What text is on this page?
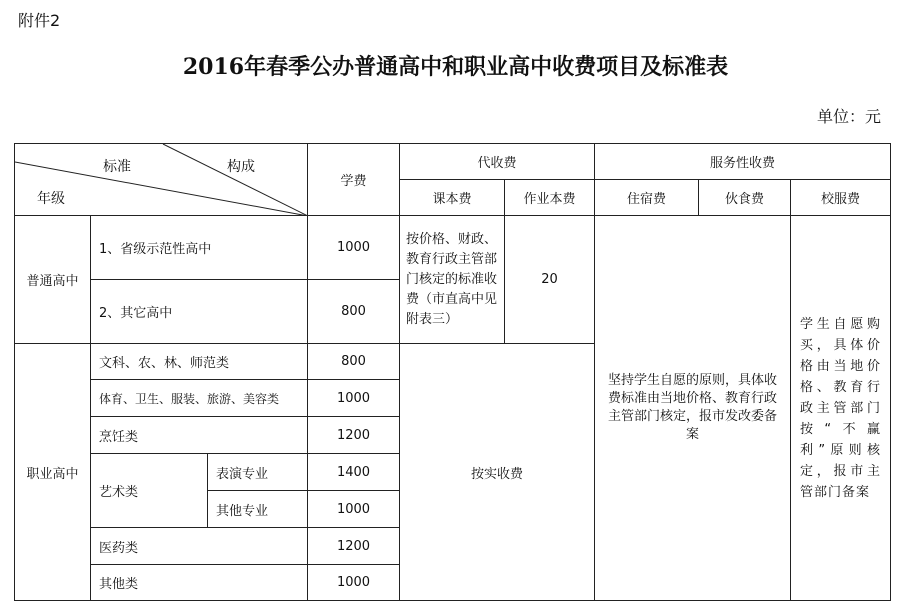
附件2
2016年春季公办普通高中和职业高中收费项目及标准表
单位：元
标准 构成
年级			学费	代收费		服务性收费		
				课本费	作业本费	住宿费	伙食费	校服费
普通高中	1、省级示范性高中		1000	按价格、财政、教育行政主管部门核定的标准收费（市直高中见附表三）	20	坚持学生自愿的原则，具体收费标准由当地价格、教育行政主管部门核定，报市发改委备案		学生自愿购买，具体价格由当地价格、教育行政主管部门按“不赢利”原则核定，报市主管部门备案
	2、其它高中		800					
职业高中	文科、农、林、师范类		800	按实收费				
	体育、卫生、服装、旅游、美容类		1000					
	烹饪类		1200					
	艺术类	表演专业	1400					
		其他专业	1000					
	医药类		1200					
	其他类		1000					
